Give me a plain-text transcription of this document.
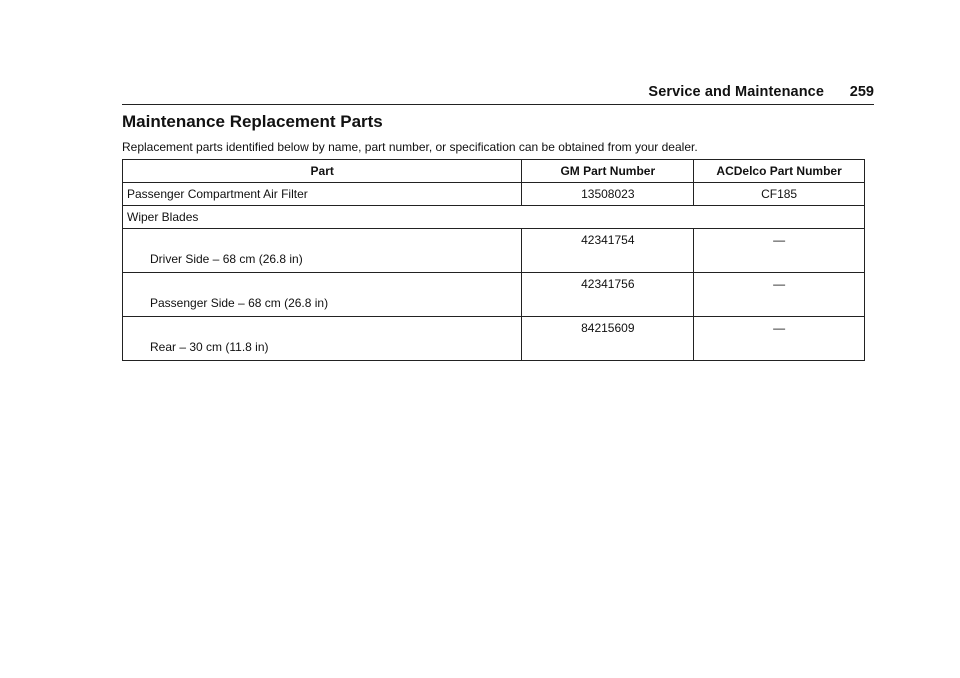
Service and Maintenance 259
Maintenance Replacement Parts

Replacement parts identified below by name, part number, or specification can be obtained from your dealer.

Part	GM Part Number	ACDelco Part Number
Passenger Compartment Air Filter	13508023	CF185
Wiper Blades		

Driver Side – 68 cm (26.8 in)	42341754	—

Passenger Side – 68 cm (26.8 in)	42341756	—

Rear – 30 cm (11.8 in)	84215609	—
